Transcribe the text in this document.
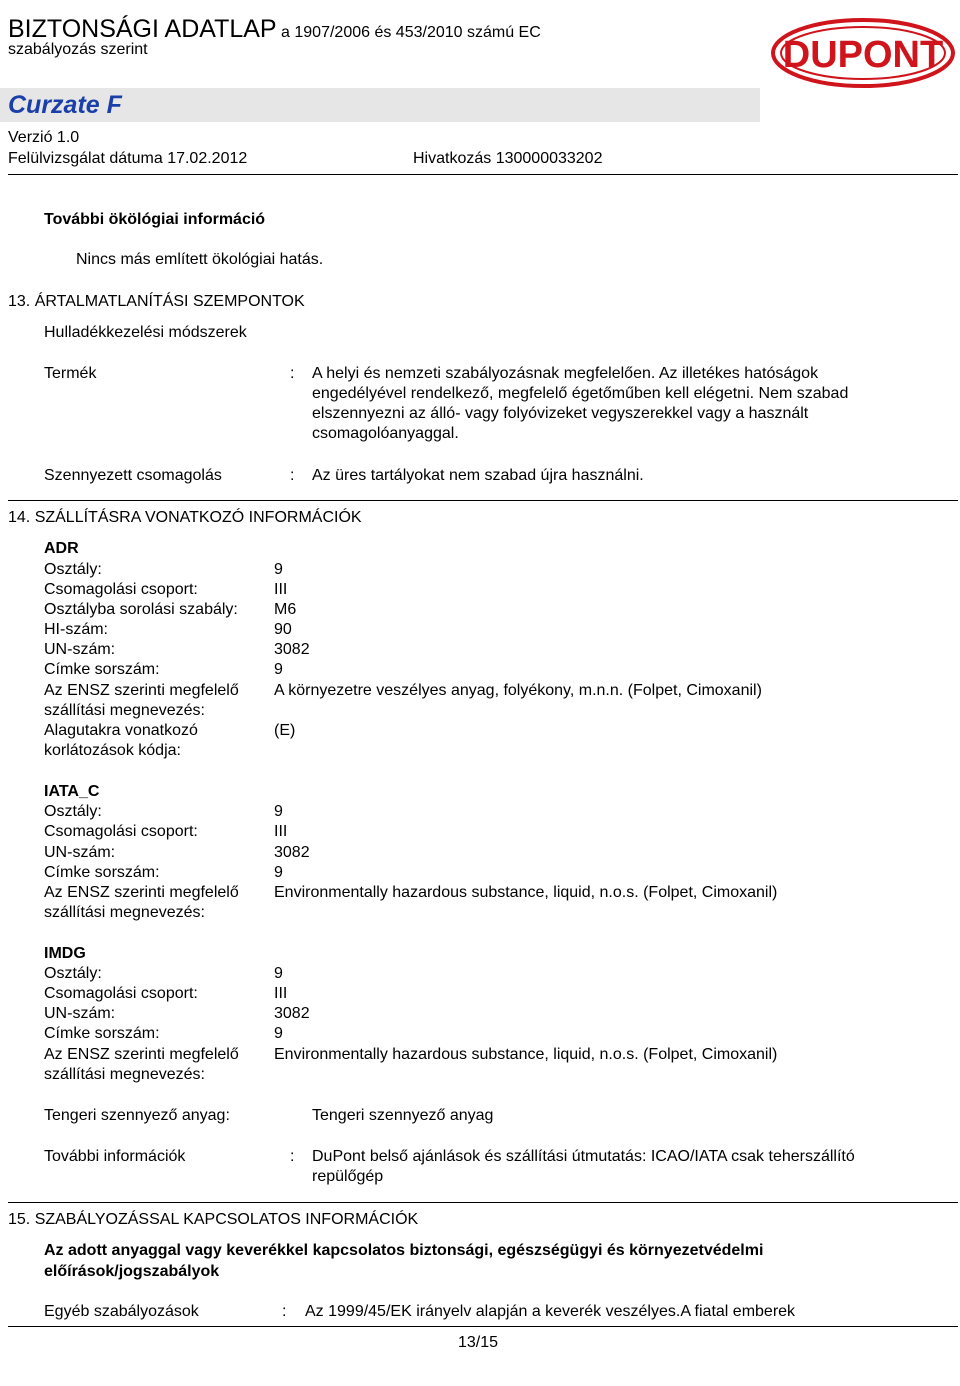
BIZTONSÁGI ADATLAP a 1907/2006 és 453/2010 számú EC
szabályozás szerint	DUPONT
Curzate F
Verzió 1.0
Felülvizsgálat dátuma 17.02.2012	Hivatkozás 130000033202
További ökölógiai információ
Nincs más említett ökológiai hatás.
13. ÁRTALMATLANÍTÁSI SZEMPONTOK
Hulladékkezelési módszerek
Termék	: A helyi és nemzeti szabályozásnak megfelelően. Az illetékes hatóságok
engedélyével rendelkező, megfelelő égetőműben kell elégetni. Nem szabad
elszennyezni az álló- vagy folyóvizeket vegyszerekkel vagy a használt
csomagolóanyaggal.
Szennyezett csomagolás	: Az üres tartályokat nem szabad újra használni.
14. SZÁLLÍTÁSRA VONATKOZÓ INFORMÁCIÓK
ADR
Osztály:	9
Csomagolási csoport:	III
Osztályba sorolási szabály: M6
HI-szám:	90
UN-szám:	3082
Címke sorszám:	9
Az ENSZ szerinti megfelelő
szállítási megnevezés:
A környezetre veszélyes anyag, folyékony, m.n.n. (Folpet, Cimoxanil)
Alagutakra vonatkozó
korlátozások kódja:
(E)
IATA_C
Osztály:	9
Csomagolási csoport:	III
UN-szám:	3082
Címke sorszám:	9
Az ENSZ szerinti megfelelő
szállítási megnevezés:
Environmentally hazardous substance, liquid, n.o.s. (Folpet, Cimoxanil)
IMDG
Osztály:	9
Csomagolási csoport:	III
UN-szám:	3082
Címke sorszám:	9
Az ENSZ szerinti megfelelő
szállítási megnevezés:
Environmentally hazardous substance, liquid, n.o.s. (Folpet, Cimoxanil)
Tengeri szennyező anyag:	Tengeri szennyező anyag
További információk	: DuPont belső ajánlások és szállítási útmutatás: ICAO/IATA csak teherszállító
repülőgép
15. SZABÁLYOZÁSSAL KAPCSOLATOS INFORMÁCIÓK
Az adott anyaggal vagy keverékkel kapcsolatos biztonsági, egészségügyi és környezetvédelmi
előírások/jogszabályok
Egyéb szabályozások	: Az 1999/45/EK irányelv alapján a keverék veszélyes.A fiatal emberek
13/15
